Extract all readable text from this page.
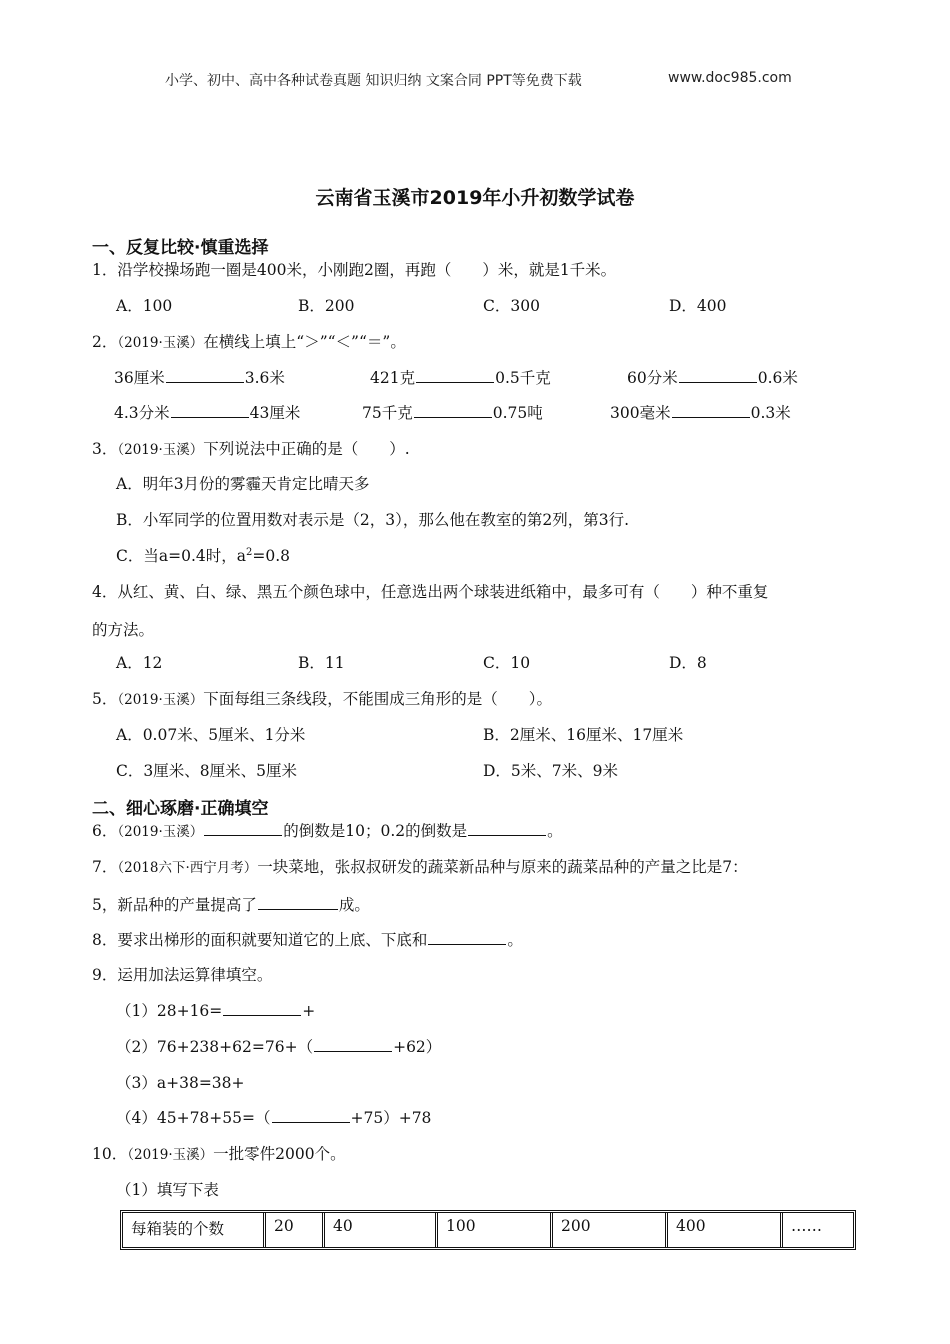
小学、初中、高中各种试卷真题 知识归纳 文案合同 PPT等免费下载	www.doc985.com
云南省玉溪市2019年小升初数学试卷
一、反复比较·慎重选择
1．沿学校操场跑一圈是400米，小刚跑2圈，再跑（　　）米，就是1千米。
A．100	B．200	C．300	D．400
2．（2019·玉溪）在横线上填上“＞”“＜”“＝”。
36厘米	3.6米	421克	0.5千克	60分米	0.6米
4.3分米	43厘米	75千克	0.75吨	300毫米	0.3米
3．（2019·玉溪）下列说法中正确的是（　　）.
A．明年3月份的雾霾天肯定比晴天多
B．小军同学的位置用数对表示是（2，3），那么他在教室的第2列，第3行.
C．当a=0.4时，$a^2=0.8$
4．从红、黄、白、绿、黑五个颜色球中，任意选出两个球装进纸箱中，最多可有（　　）种不重复
的方法。
A．12	B．11	C．10	D．8
5．（2019·玉溪）下面每组三条线段，不能围成三角形的是（　　）。
A．0.07米、5厘米、1分米	B．2厘米、16厘米、17厘米
C．3厘米、8厘米、5厘米	D．5米、7米、9米
二、细心琢磨·正确填空
6．（2019·玉溪）	的倒数是10；0.2的倒数是	。
7．（2018六下·西宁月考）一块菜地，张叔叔研发的蔬菜新品种与原来的蔬菜品种的产量之比是7：
5，新品种的产量提高了	成。
8．要求出梯形的面积就要知道它的上底、下底和	。
9．运用加法运算律填空。
（1）28+16=	+
（2）76+238+62=76+（	+62）
（3）a+38=38+
（4）45+78+55=（	+75）+78
10．（2019·玉溪）一批零件2000个。
（1）填写下表
每箱装的个数	20	40	100	200	400	……
